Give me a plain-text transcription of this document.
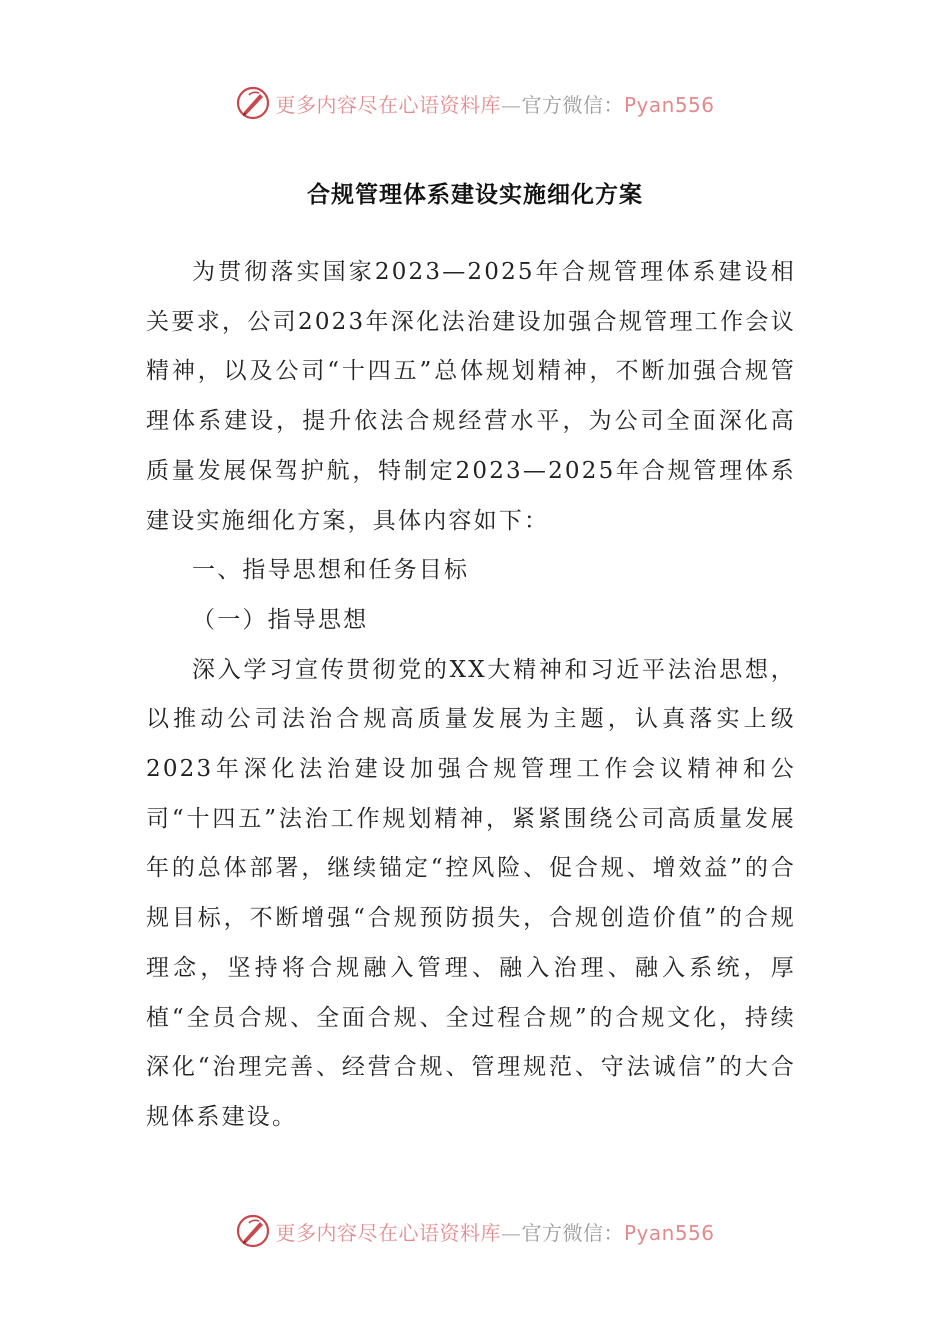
更多内容尽在心语资料库—官方微信：Pyan556
合规管理体系建设实施细化方案

为贯彻落实国家2023—2025年合规管理体系建设相关要求，公司2023年深化法治建设加强合规管理工作会议精神，以及公司“十四五”总体规划精神，不断加强合规管理体系建设，提升依法合规经营水平，为公司全面深化高质量发展保驾护航，特制定2023—2025年合规管理体系建设实施细化方案，具体内容如下：

一、指导思想和任务目标

（一）指导思想

深入学习宣传贯彻党的XX大精神和习近平法治思想，以推动公司法治合规高质量发展为主题，认真落实上级2023年深化法治建设加强合规管理工作会议精神和公司“十四五”法治工作规划精神，紧紧围绕公司高质量发展年的总体部署，继续锚定“控风险、促合规、增效益”的合规目标，不断增强“合规预防损失，合规创造价值”的合规理念，坚持将合规融入管理、融入治理、融入系统，厚植“全员合规、全面合规、全过程合规”的合规文化，持续深化“治理完善、经营合规、管理规范、守法诚信”的大合规体系建设。

更多内容尽在心语资料库—官方微信：Pyan556
